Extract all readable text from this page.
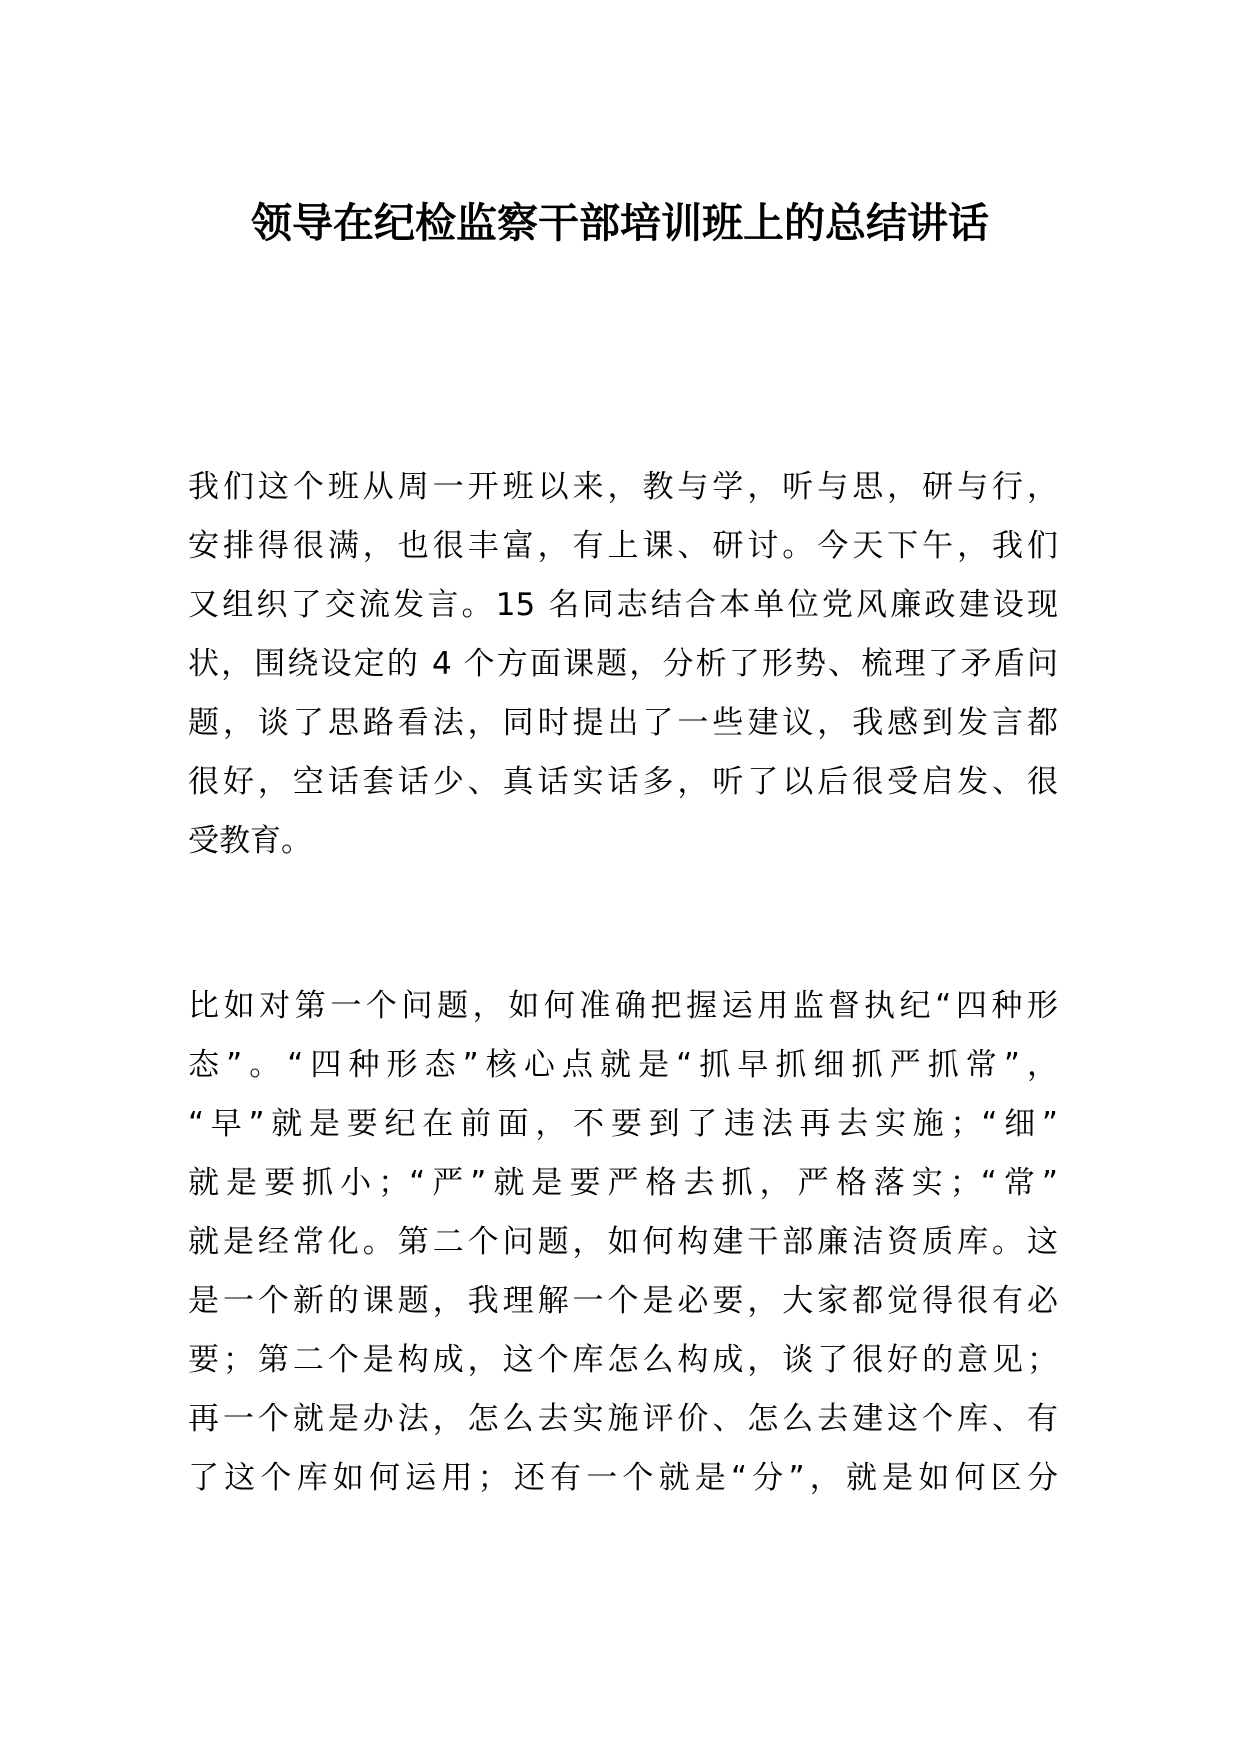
领导在纪检监察干部培训班上的总结讲话
我们这个班从周一开班以来，教与学，听与思，研与行，
安排得很满，也很丰富，有上课、研讨。今天下午，我们
又组织了交流发言。15 名同志结合本单位党风廉政建设现
状，围绕设定的 4 个方面课题，分析了形势、梳理了矛盾问
题，谈了思路看法，同时提出了一些建议，我感到发言都
很好，空话套话少、真话实话多，听了以后很受启发、很
受教育。
比如对第一个问题，如何准确把握运用监督执纪“四种形
态”。“四种形态”核心点就是“抓早抓细抓严抓常”，
“早”就是要纪在前面，不要到了违法再去实施；“细”
就是要抓小；“严”就是要严格去抓，严格落实；“常”
就是经常化。第二个问题，如何构建干部廉洁资质库。这
是一个新的课题，我理解一个是必要，大家都觉得很有必
要；第二个是构成，这个库怎么构成，谈了很好的意见；
再一个就是办法，怎么去实施评价、怎么去建这个库、有
了这个库如何运用；还有一个就是“分”，就是如何区分
